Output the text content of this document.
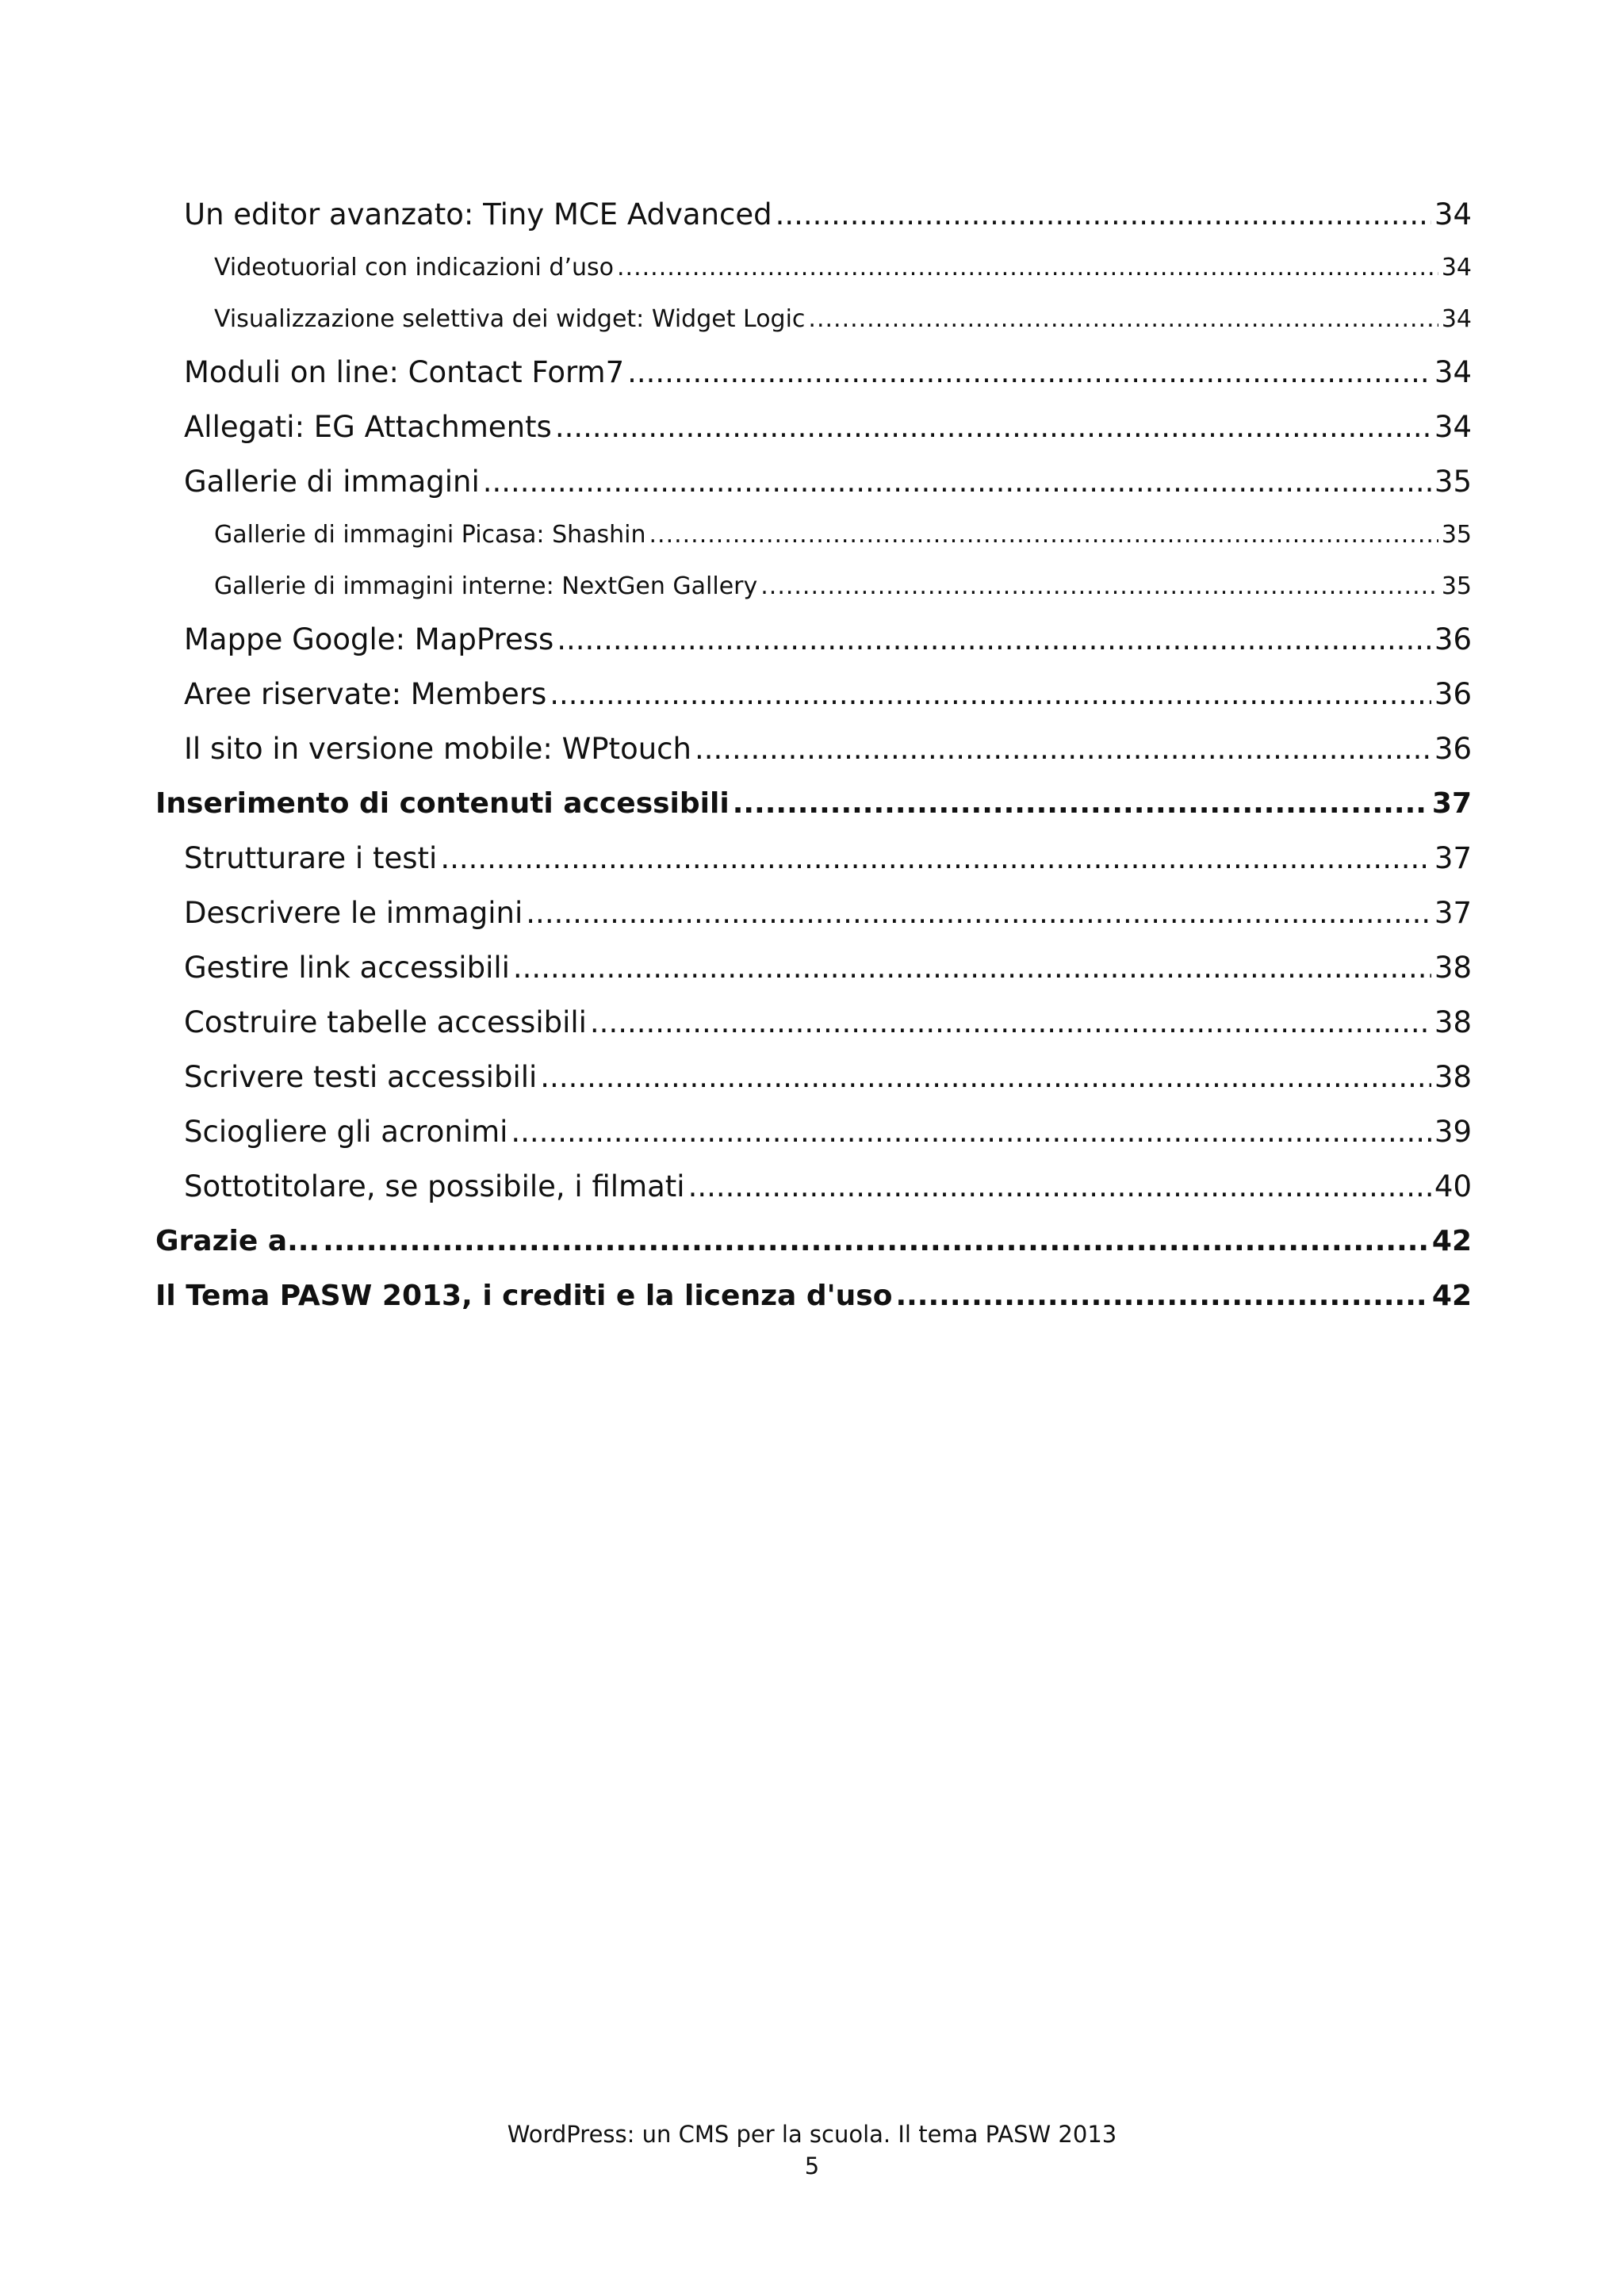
Un editor avanzato: Tiny MCE Advanced .....	34
Videotuorial con indicazioni d’uso .....	34
Visualizzazione selettiva dei widget: Widget Logic .....	34
Moduli on line: Contact Form7 .....	34
Allegati: EG Attachments .....	34
Gallerie di immagini .....	35
Gallerie di immagini Picasa: Shashin .....	35
Gallerie di immagini interne: NextGen Gallery .....	35
Mappe Google: MapPress .....	36
Aree riservate: Members .....	36
Il sito in versione mobile: WPtouch .....	36
Inserimento di contenuti accessibili .....	37
Strutturare i testi .....	37
Descrivere le immagini .....	37
Gestire link accessibili .....	38
Costruire tabelle accessibili .....	38
Scrivere testi accessibili .....	38
Sciogliere gli acronimi .....	39
Sottotitolare, se possibile, i filmati .....	40
Grazie a... .....	42
Il Tema PASW 2013, i crediti e la licenza d'uso .....	42
WordPress: un CMS per la scuola. Il tema PASW 2013
5
